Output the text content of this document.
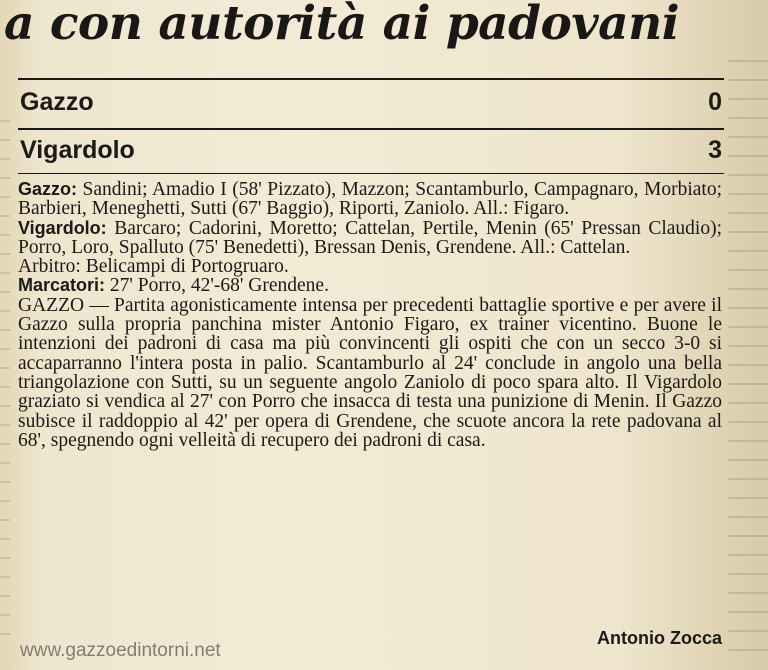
a con autorità ai padovani
Gazzo	0
Vigardolo	3

Gazzo: Sandini; Amadio I (58' Pizzato), Mazzon; Scantamburlo, Campagnaro, Morbiato; Barbieri, Meneghetti, Sutti (67' Baggio), Riporti, Zaniolo. All.: Figaro.

Vigardolo: Barcaro; Cadorini, Moretto; Cattelan, Pertile, Menin (65' Pressan Claudio); Porro, Loro, Spalluto (75' Benedetti), Bressan Denis, Grendene. All.: Cattelan.

Arbitro: Belicampi di Portogruaro.

Marcatori: 27' Porro, 42'-68' Grendene.

GAZZO — Partita agonisticamente intensa per precedenti battaglie sportive e per avere il Gazzo sulla propria panchina mister Antonio Figaro, ex trainer vicentino. Buone le intenzioni dei padroni di casa ma più convincenti gli ospiti che con un secco 3-0 si accaparranno l'intera posta in palio. Scantamburlo al 24' conclude in angolo una bella triangolazione con Sutti, su un seguente angolo Zaniolo di poco spara alto. Il Vigardolo graziato si vendica al 27' con Porro che insacca di testa una punizione di Menin. Il Gazzo subisce il raddoppio al 42' per opera di Grendene, che scuote ancora la rete padovana al 68', spegnendo ogni velleità di recupero dei padroni di casa.

Antonio Zocca
www.gazzoedintorni.net
